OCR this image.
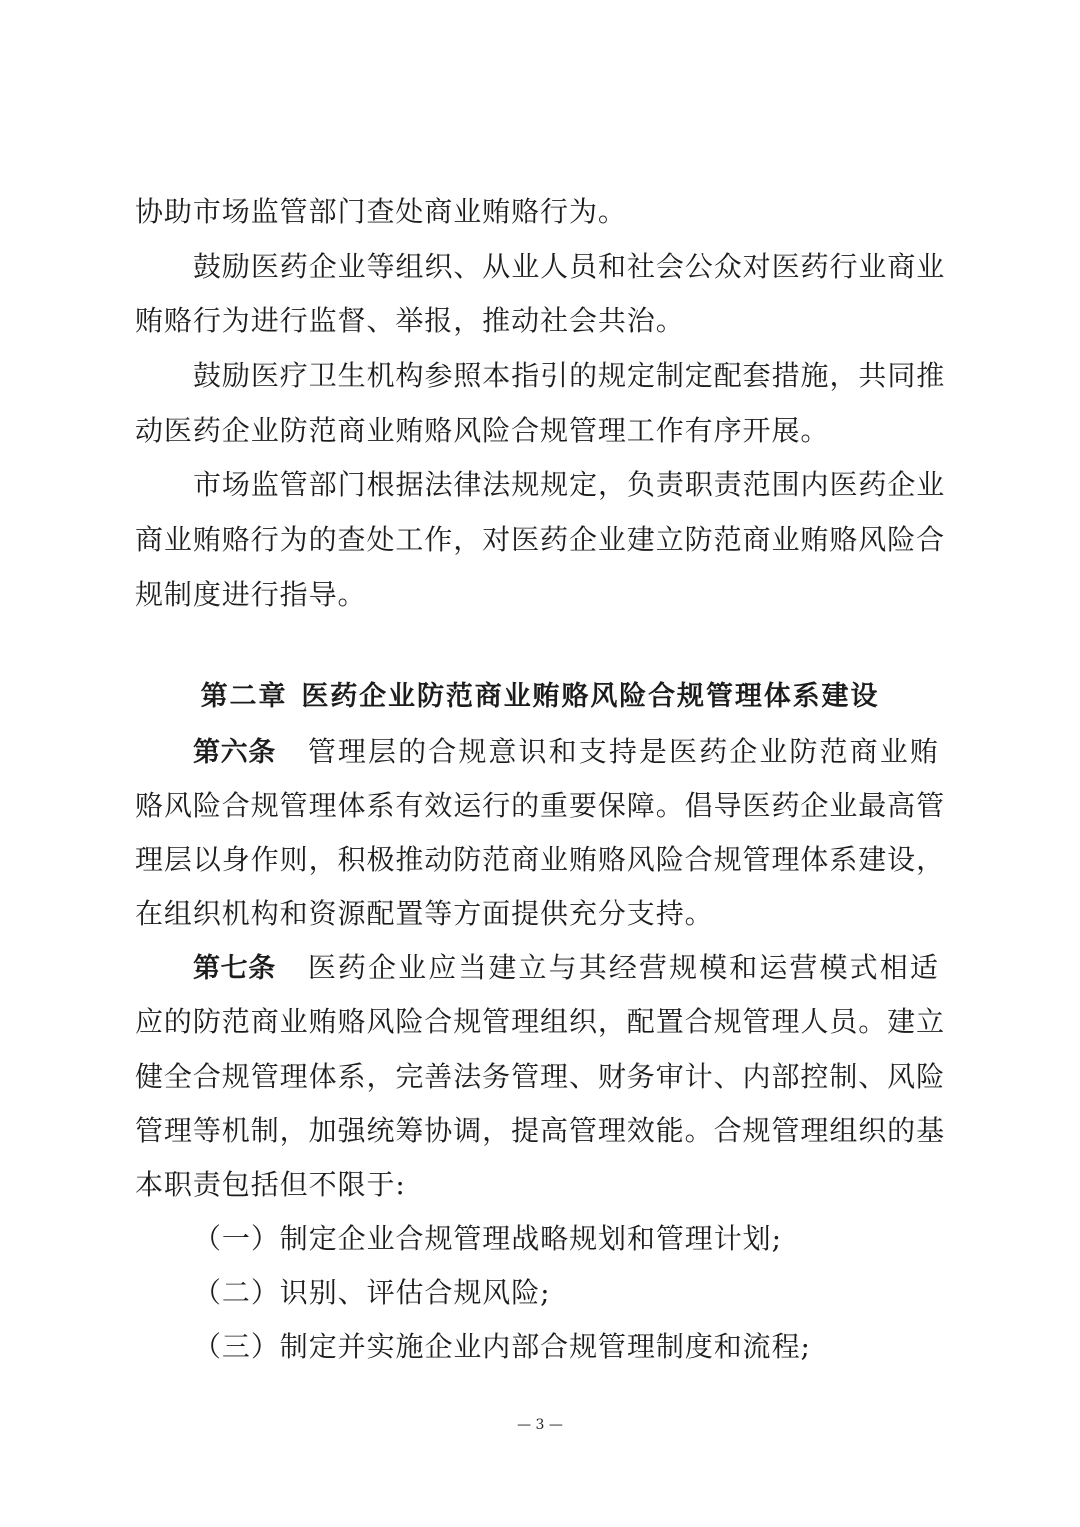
协助市场监管部门查处商业贿赂行为。
鼓励医药企业等组织、从业人员和社会公众对医药行业商业
贿赂行为进行监督、举报，推动社会共治。
鼓励医疗卫生机构参照本指引的规定制定配套措施，共同推
动医药企业防范商业贿赂风险合规管理工作有序开展。
市场监管部门根据法律法规规定，负责职责范围内医药企业
商业贿赂行为的查处工作，对医药企业建立防范商业贿赂风险合
规制度进行指导。
第二章 医药企业防范商业贿赂风险合规管理体系建设
第六条 管理层的合规意识和支持是医药企业防范商业贿
赂风险合规管理体系有效运行的重要保障。倡导医药企业最高管
理层以身作则，积极推动防范商业贿赂风险合规管理体系建设，
在组织机构和资源配置等方面提供充分支持。
第七条 医药企业应当建立与其经营规模和运营模式相适
应的防范商业贿赂风险合规管理组织，配置合规管理人员。建立
健全合规管理体系，完善法务管理、财务审计、内部控制、风险
管理等机制，加强统筹协调，提高管理效能。合规管理组织的基
本职责包括但不限于:
（一）制定企业合规管理战略规划和管理计划;
（二）识别、评估合规风险;
（三）制定并实施企业内部合规管理制度和流程;
— 3 —
